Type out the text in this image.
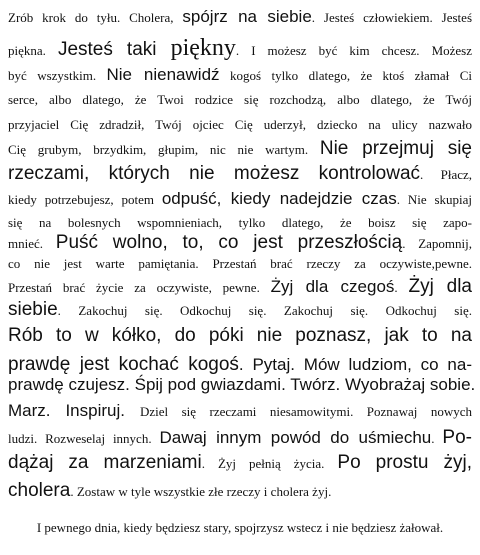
Zrób krok do tyłu. Cholera, spójrz na siebie. Jesteś człowiekiem. Jesteś
piękna. Jesteś taki piękny. I możesz być kim chcesz. Możesz
być wszystkim. Nie nienawidź kogoś tylko dlatego, że ktoś złamał Ci
serce, albo dlatego, że Twoi rodzice się rozchodzą, albo dlatego, że Twój
przyjaciel Cię zdradził, Twój ojciec Cię uderzył, dziecko na ulicy nazwało
Cię grubym, brzydkim, głupim, nic nie wartym. Nie przejmuj się
rzeczami, których nie możesz kontrolować. Płacz,
kiedy potrzebujesz, potem odpuść, kiedy nadejdzie czas. Nie skupiaj
się na bolesnych wspomnieniach, tylko dlatego, że boisz się zapo-
mnieć. Puść wolno, to, co jest przeszłością. Zapomnij,
co nie jest warte pamiętania. Przestań brać rzeczy za oczywiste,pewne.
Przestań brać życie za oczywiste, pewne. Żyj dla czegoś. Żyj dla
siebie. Zakochuj się. Odkochuj się. Zakochuj się. Odkochuj się.
Rób to w kółko, do póki nie poznasz, jak to na
prawdę jest kochać kogoś. Pytaj. Mów ludziom, co na-
prawdę czujesz. Śpij pod gwiazdami. Twórz. Wyobrażaj sobie.
Marz. Inspiruj. Dziel się rzeczami niesamowitymi. Poznawaj nowych
ludzi. Rozweselaj innych. Dawaj innym powód do uśmiechu. Po-
dążaj za marzeniami. Żyj pełnią życia. Po prostu żyj,
cholera. Zostaw w tyle wszystkie złe rzeczy i cholera żyj.
I pewnego dnia, kiedy będziesz stary, spojrzysz wstecz i nie będziesz żałował.
